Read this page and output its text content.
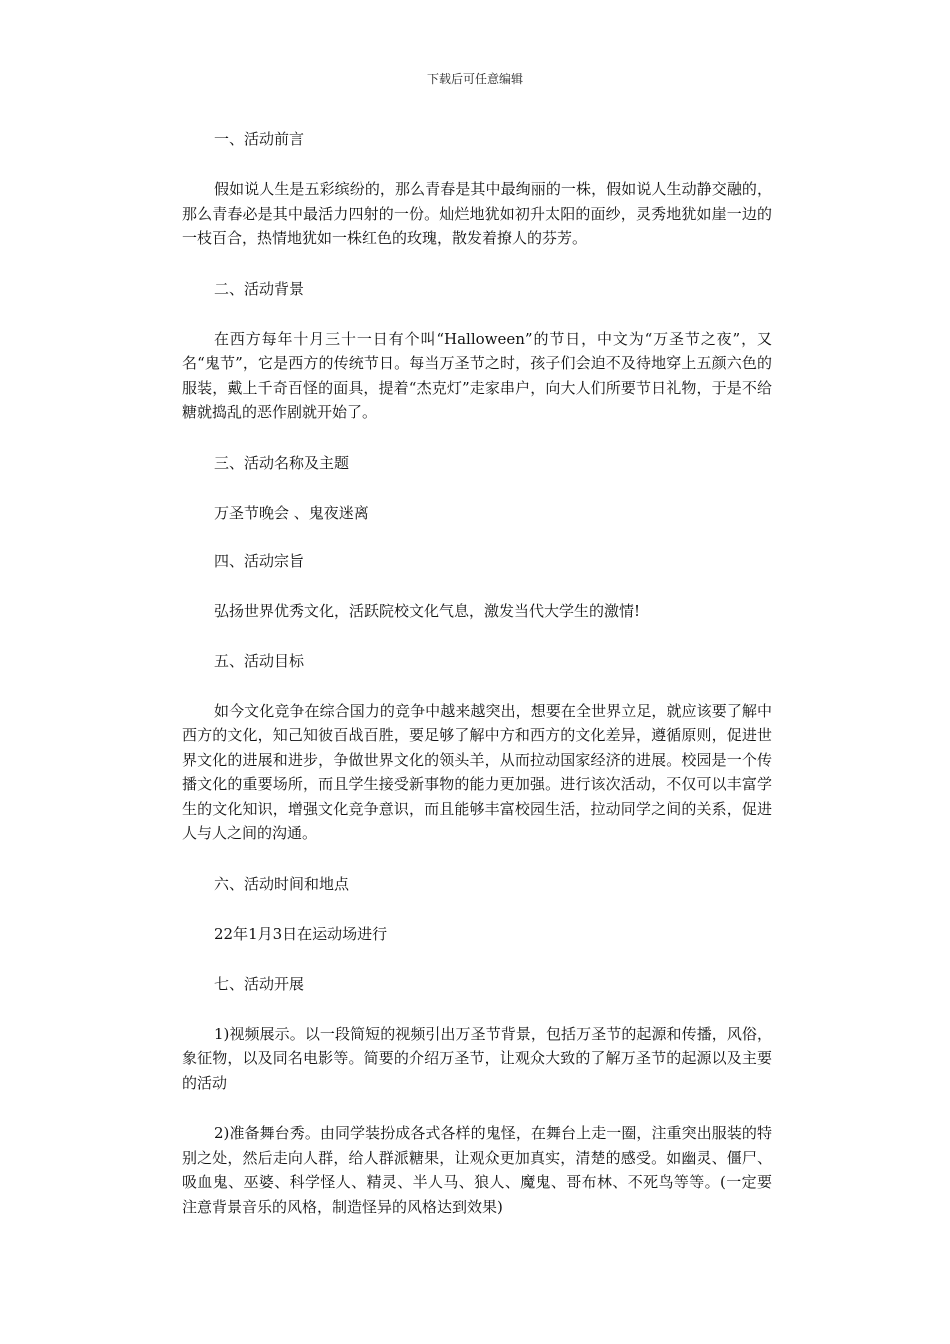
下载后可任意编辑
一、活动前言
假如说人生是五彩缤纷的，那么青春是其中最绚丽的一株，假如说人生动静交融的，那么青春必是其中最活力四射的一份。灿烂地犹如初升太阳的面纱，灵秀地犹如崖一边的一枝百合，热情地犹如一株红色的玫瑰，散发着撩人的芬芳。
二、活动背景
在西方每年十月三十一日有个叫“Halloween”的节日，中文为“万圣节之夜”，又名“鬼节”，它是西方的传统节日。每当万圣节之时，孩子们会迫不及待地穿上五颜六色的服装，戴上千奇百怪的面具，提着“杰克灯”走家串户，向大人们所要节日礼物，于是不给糖就捣乱的恶作剧就开始了。
三、活动名称及主题
万圣节晚会 、鬼夜迷离
四、活动宗旨
弘扬世界优秀文化，活跃院校文化气息，激发当代大学生的激情!
五、活动目标
如今文化竞争在综合国力的竞争中越来越突出，想要在全世界立足，就应该要了解中西方的文化，知己知彼百战百胜，要足够了解中方和西方的文化差异，遵循原则，促进世界文化的进展和进步，争做世界文化的领头羊，从而拉动国家经济的进展。校园是一个传播文化的重要场所，而且学生接受新事物的能力更加强。进行该次活动，不仅可以丰富学生的文化知识，增强文化竞争意识，而且能够丰富校园生活，拉动同学之间的关系，促进人与人之间的沟通。
六、活动时间和地点
22年1月3日在运动场进行
七、活动开展
1)视频展示。以一段简短的视频引出万圣节背景，包括万圣节的起源和传播，风俗，象征物，以及同名电影等。简要的介绍万圣节，让观众大致的了解万圣节的起源以及主要的活动
2)准备舞台秀。由同学装扮成各式各样的鬼怪，在舞台上走一圈，注重突出服装的特别之处，然后走向人群，给人群派糖果，让观众更加真实，清楚的感受。如幽灵、僵尸、吸血鬼、巫婆、科学怪人、精灵、半人马、狼人、魔鬼、哥布林、不死鸟等等。(一定要注意背景音乐的风格，制造怪异的风格达到效果)
